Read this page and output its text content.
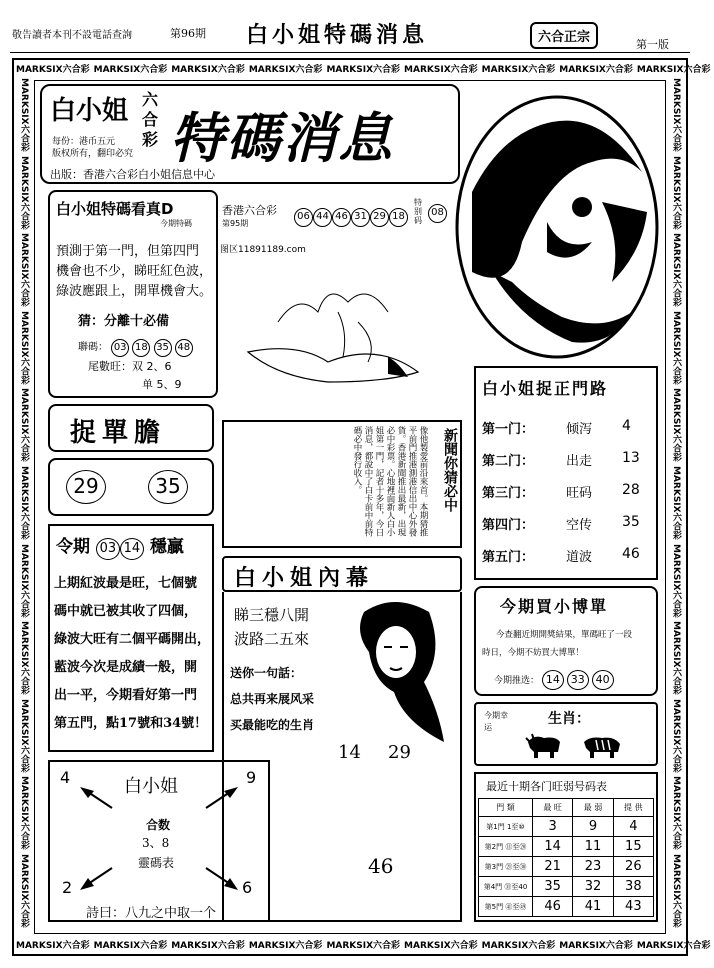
敬告讀者本刊不設電話查詢	第96期 白小姐特碼消息	六合正宗	第一版
MARKSIX六合彩 MARKSIX六合彩 MARKSIX六合彩 MARKSIX六合彩 MARKSIX六合彩 MARKSIX六合彩 MARKSIX六合彩 MARKSIX六合彩 MARKSIX六合彩
MARKSIX六合彩 MARKSIX六合彩 MARKSIX六合彩 MARKSIX六合彩 MARKSIX六合彩 MARKSIX六合彩 MARKSIX六合彩 MARKSIX六合彩 MARKSIX六合彩
MARKSIX六合彩MARKSIX六合彩MARKSIX六合彩MARKSIX六合彩MARKSIX六合彩MARKSIX六合彩MARKSIX六合彩MARKSIX六合彩MARKSIX六合彩MARKSIX六合彩MARKSIX六合彩
MARKSIX六合彩MARKSIX六合彩MARKSIX六合彩MARKSIX六合彩MARKSIX六合彩MARKSIX六合彩MARKSIX六合彩MARKSIX六合彩MARKSIX六合彩MARKSIX六合彩MARKSIX六合彩
白小姐 六合彩
每份：港币五元
版权所有，翻印必究 特碼消息
出版：香港六合彩白小姐信息中心
香港六合彩
第95期
06 44 46 31 29 18
特别码
08
图区11891189.com
白小姐特碼看真D
今期特碼
預測于第一門，但第四門
機會也不少，睇旺紅色波，
綠波應跟上，開單機會大。
猜：分離十必備
聯碼： 03 18 35 48
尾數旺：双 2、6
单 5、9
捉單膽
29	35
令期 03 14 穩贏
上期紅波最是旺，七個號
碼中就已被其收了四個，
綠波大旺有二個平碼開出，
藍波今次是成績一般，開
出一平，今期看好第一門
第五門，點17號和34號！
4	9
2	6
白小姐
合数
3、8
靈碼表
詩曰：八九之中取一个
像他製愛前沿來首。本期猜推平前門推港測港信出中心外發貨。香港新聞推出最新，出現必中彩票。心地裡面新人白小姐第一門，記者十多年，今日消息，都說中了白卡前中前特碼必中發行收入。	新聞你猜必中
白小姐內幕
睇三穩八開
波路二五來
送你一句話：
总共再来展风采
买最能吃的生肖
14 29
46
白小姐捉正門路
第一门： 倾泻 4
第二门： 出走 13
第三门： 旺码 28
第四门： 空传 35
第五门： 道波 46
今期買小博單
今查翻近期開獎結果，單碼旺了一段
時日，今期不妨買大博單！
今期推选： 14 33 40
今期幸运
生肖：
最近十期各门旺弱号码表
門 類	最 旺	最 弱	提 供
第1門 1至⑩	3	9	4
第2門 ⑪至⑳	14	11	15
第3門 ㉑至㉚	21	23	26
第4門 ㉛至40	35	32	38
第5門 ㊶至㊾	46	41	43
